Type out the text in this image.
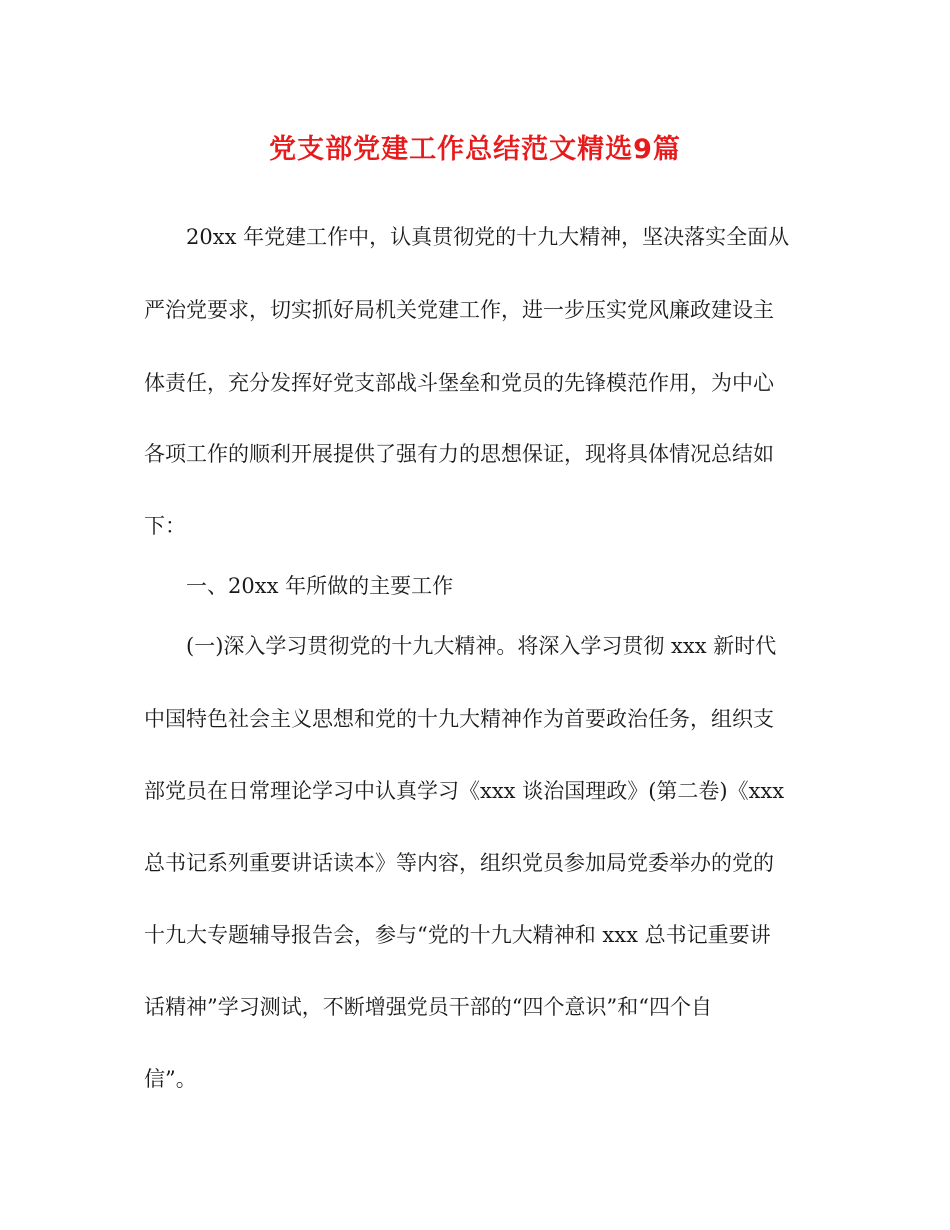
党支部党建工作总结范文精选9篇
20xx 年党建工作中，认真贯彻党的十九大精神，坚决落实全面从
严治党要求，切实抓好局机关党建工作，进一步压实党风廉政建设主
体责任，充分发挥好党支部战斗堡垒和党员的先锋模范作用，为中心
各项工作的顺利开展提供了强有力的思想保证，现将具体情况总结如
下：
一、20xx 年所做的主要工作
(一)深入学习贯彻党的十九大精神。将深入学习贯彻 xxx 新时代
中国特色社会主义思想和党的十九大精神作为首要政治任务，组织支
部党员在日常理论学习中认真学习《xxx 谈治国理政》(第二卷)《xxx
总书记系列重要讲话读本》等内容，组织党员参加局党委举办的党的
十九大专题辅导报告会，参与“党的十九大精神和 xxx 总书记重要讲
话精神”学习测试，不断增强党员干部的“四个意识”和“四个自
信”。
